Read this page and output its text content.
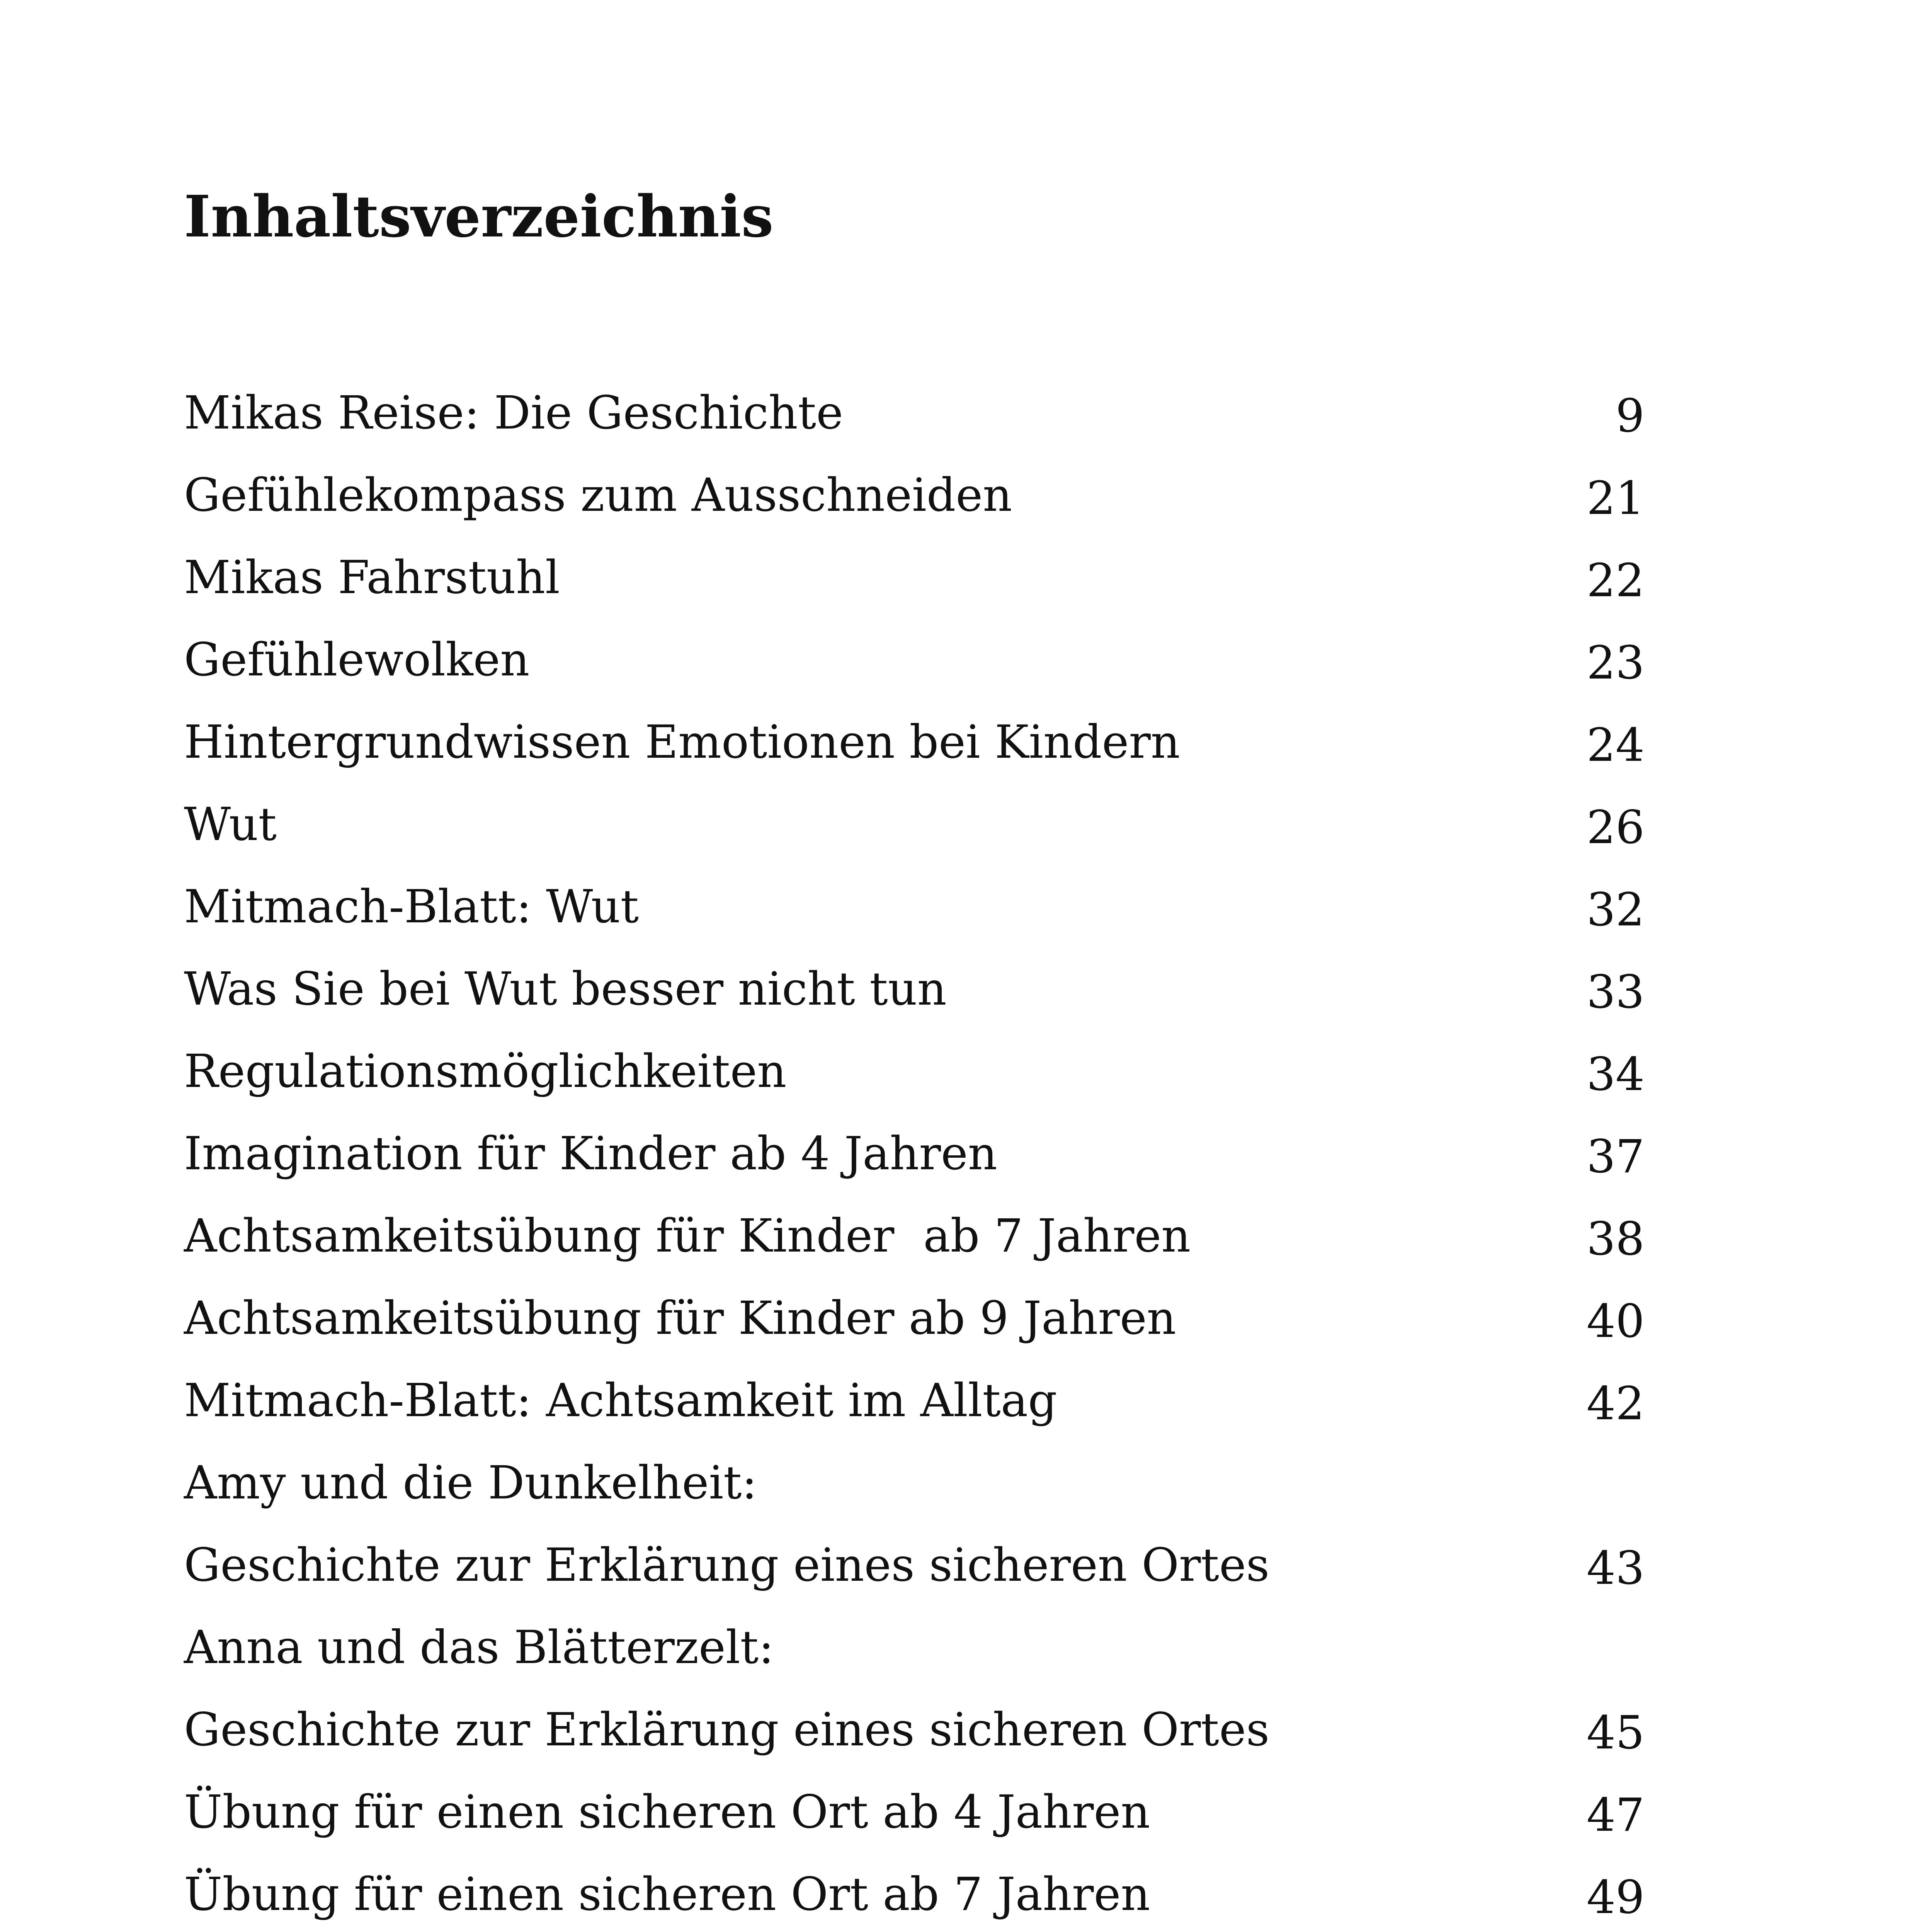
Inhaltsverzeichnis
Mikas Reise: Die Geschichte	9
Gefühlekompass zum Ausschneiden	21
Mikas Fahrstuhl	22
Gefühlewolken	23
Hintergrundwissen Emotionen bei Kindern	24
Wut	26
Mitmach-Blatt: Wut	32
Was Sie bei Wut besser nicht tun	33
Regulationsmöglichkeiten	34
Imagination für Kinder ab 4 Jahren	37
Achtsamkeitsübung für Kinder  ab 7 Jahren	38
Achtsamkeitsübung für Kinder ab 9 Jahren	40
Mitmach-Blatt: Achtsamkeit im Alltag	42
Amy und die Dunkelheit:
Geschichte zur Erklärung eines sicheren Ortes	43
Anna und das Blätterzelt:
Geschichte zur Erklärung eines sicheren Ortes	45
Übung für einen sicheren Ort ab 4 Jahren	47
Übung für einen sicheren Ort ab 7 Jahren	49
